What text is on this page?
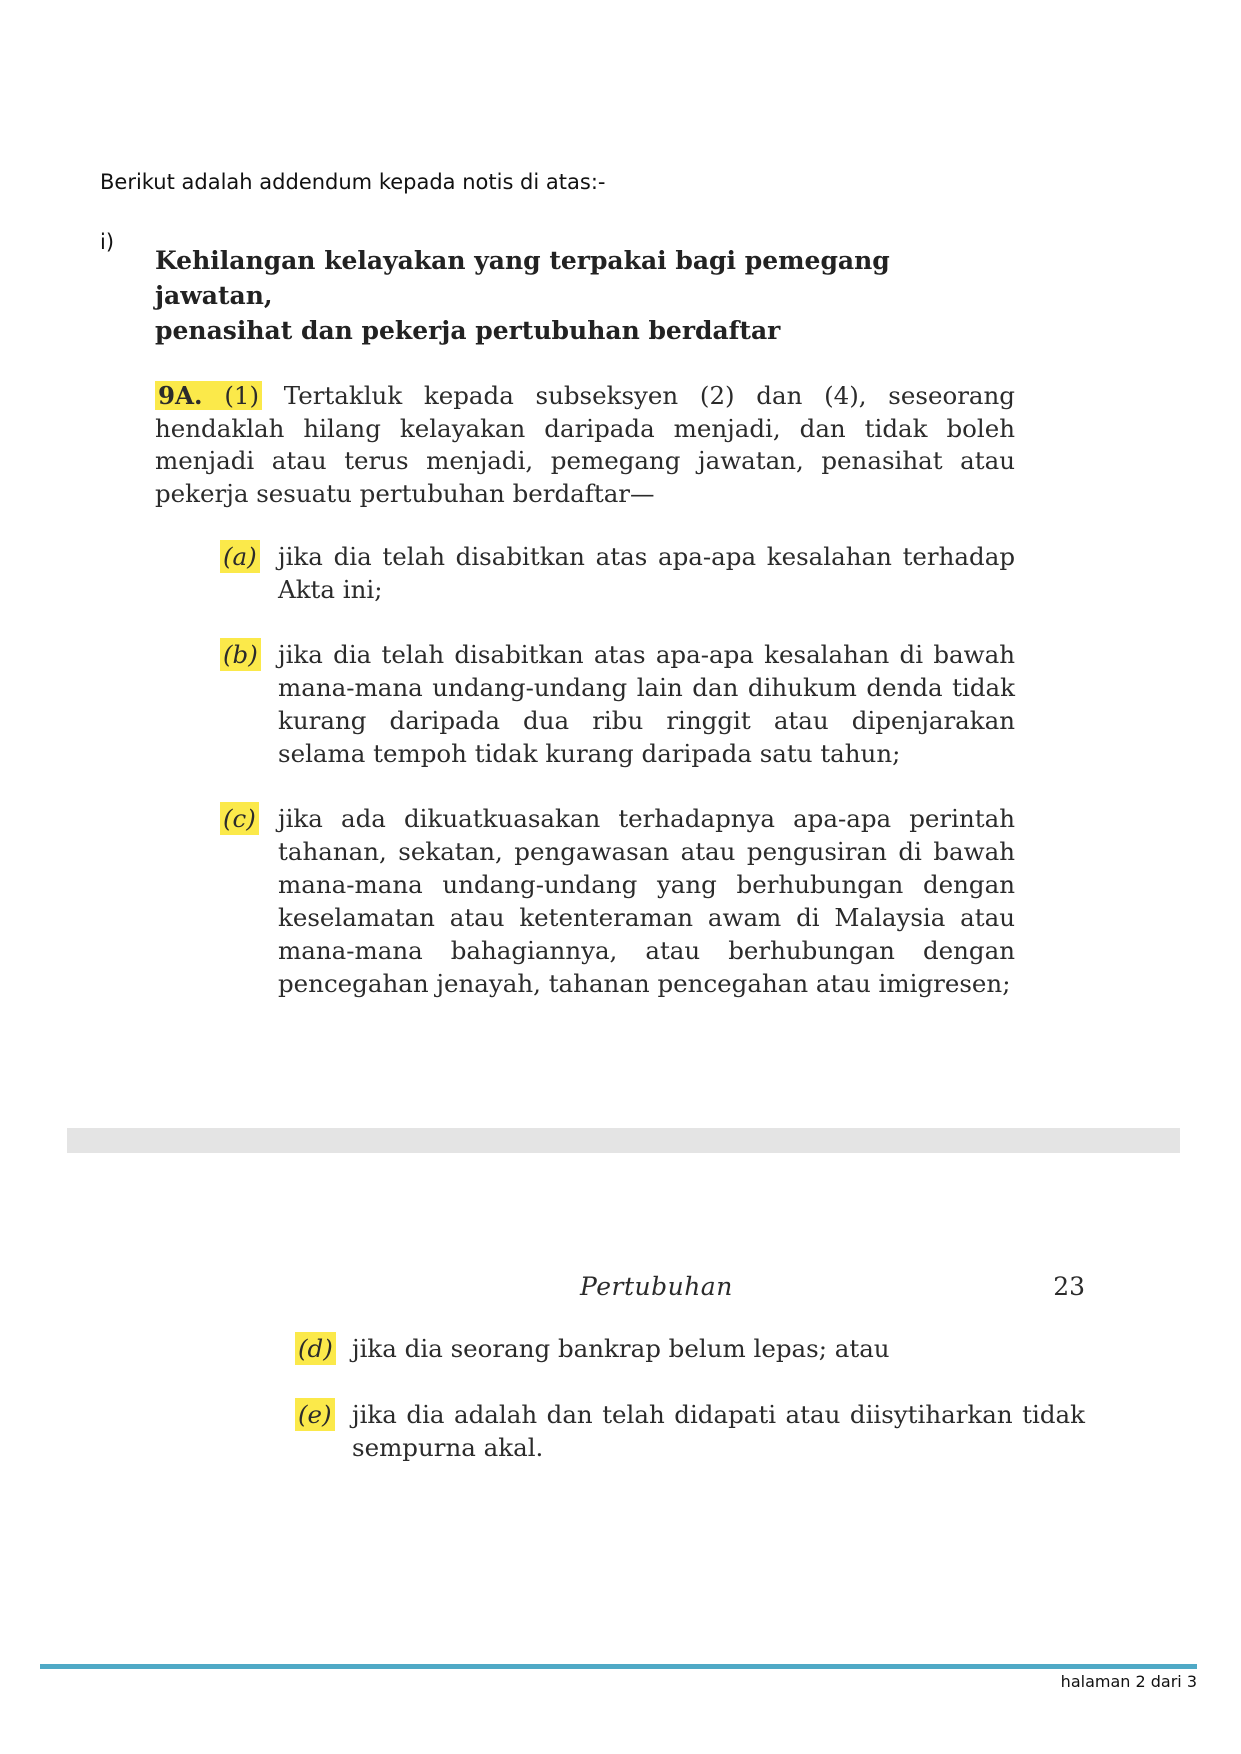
Berikut adalah addendum kepada notis di atas:-
i)

Kehilangan kelayakan yang terpakai bagi pemegang jawatan,
penasihat dan pekerja pertubuhan berdaftar

9A. (1) Tertakluk kepada subseksyen (2) dan (4), seseorang hendaklah hilang kelayakan daripada menjadi, dan tidak boleh menjadi atau terus menjadi, pemegang jawatan, penasihat atau pekerja sesuatu pertubuhan berdaftar—
(a) jika dia telah disabitkan atas apa-apa kesalahan terhadap Akta ini;
(b) jika dia telah disabitkan atas apa-apa kesalahan di bawah mana-mana undang-undang lain dan dihukum denda tidak kurang daripada dua ribu ringgit atau dipenjarakan selama tempoh tidak kurang daripada satu tahun;
(c) jika ada dikuatkuasakan terhadapnya apa-apa perintah tahanan, sekatan, pengawasan atau pengusiran di bawah mana-mana undang-undang yang berhubungan dengan keselamatan atau ketenteraman awam di Malaysia atau mana-mana bahagiannya, atau berhubungan dengan pencegahan jenayah, tahanan pencegahan atau imigresen;
Pertubuhan	23
(d) jika dia seorang bankrap belum lepas; atau
(e) jika dia adalah dan telah didapati atau diisytiharkan tidak sempurna akal.
halaman 2 dari 3
